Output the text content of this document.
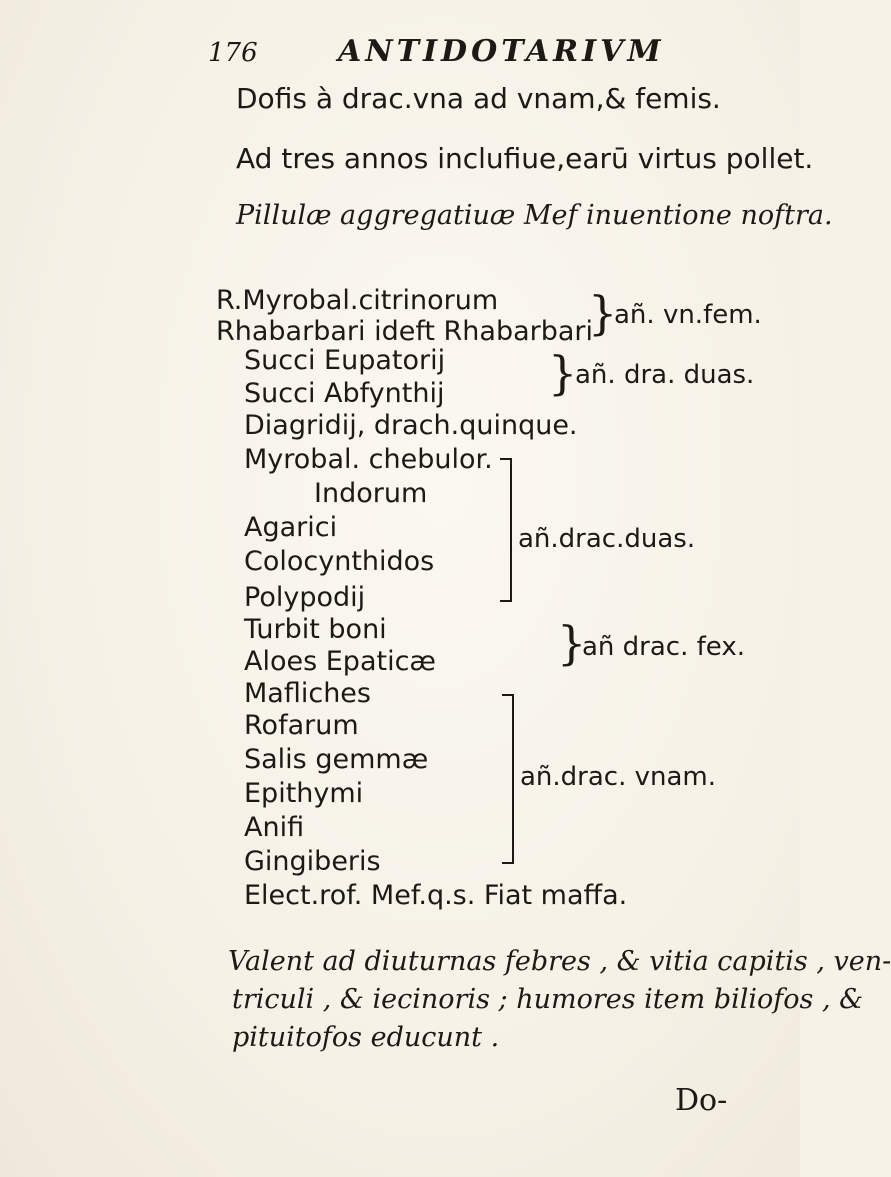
176	ANTIDOTARIVM
Dofis à drac.vna ad vnam,& femis.
Ad tres annos inclufiue,earū virtus pollet.
Pillulæ aggregatiuæ Mef inuentione noftra.
R.Myrobal.citrinorum
Rhabarbari ideft Rhabarbari
}
añ. vn.fem.
Succi Eupatorij
Succi Abfynthij }
añ. dra. duas.
Diagridij, drach.quinque.
Myrobal. chebulor.
Indorum
Agarici
Colocynthidos
Polypodij
añ.drac.duas.
Turbit boni
Aloes Epaticæ	}
añ drac. fex.
Mafliches
Rofarum
Salis gemmæ
Epithymi
Anifi
Gingiberis
añ.drac. vnam.
Elect.rof. Mef.q.s. Fiat maffa.
Valent ad diuturnas febres , & vitia capitis , ven-
triculi , & iecinoris ; humores item biliofos , &
pituitofos educunt .
Do-
